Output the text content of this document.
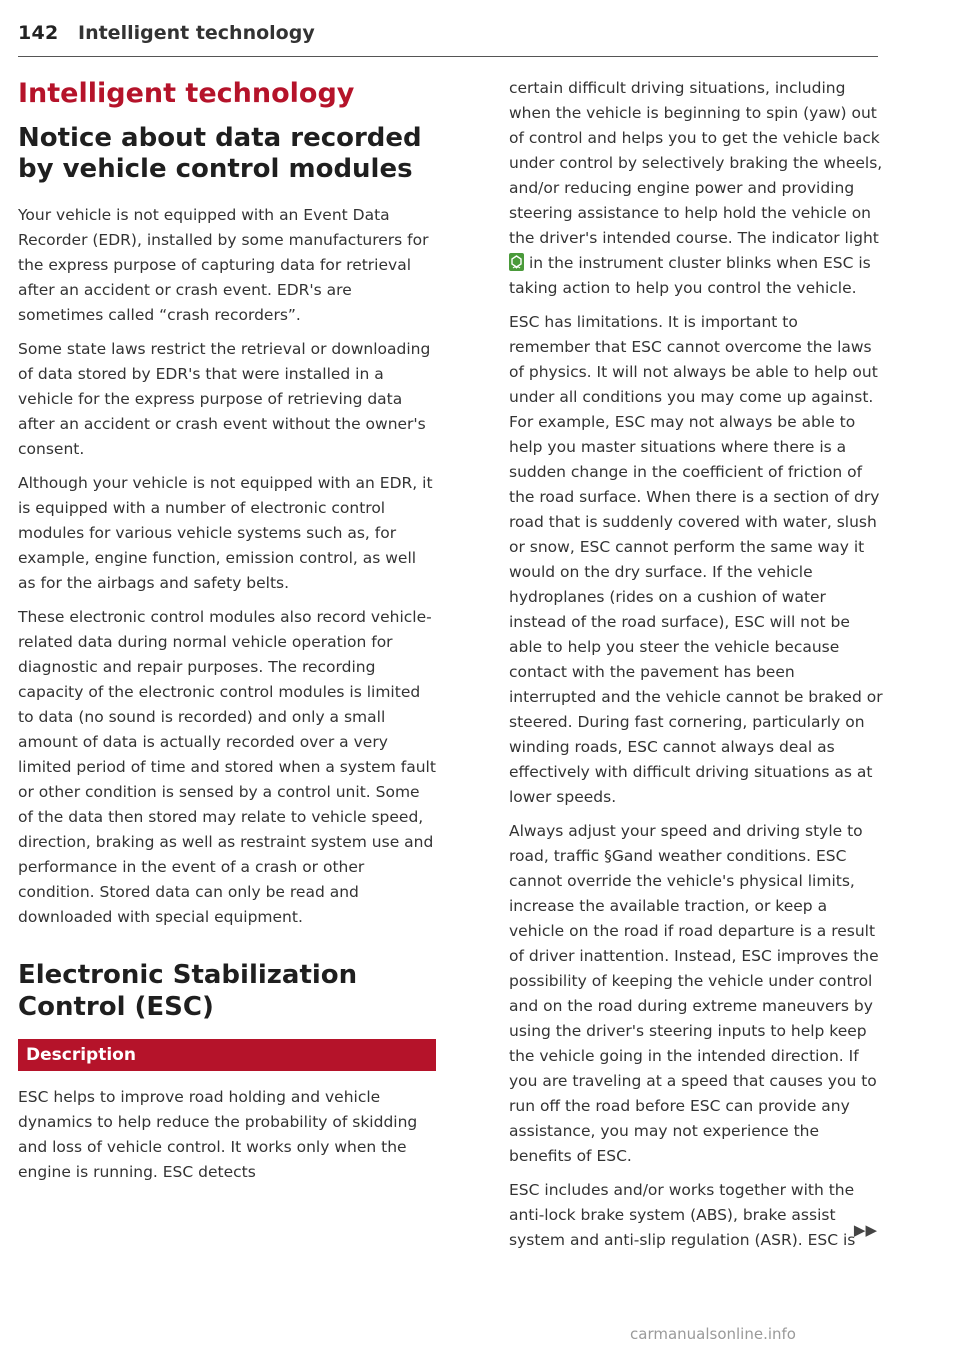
142 Intelligent technology
Intelligent technology
Notice about data recorded by vehicle control modules

Your vehicle is not equipped with an Event Data Recorder (EDR), installed by some manufacturers for the express purpose of capturing data for retrieval after an accident or crash event. EDR's are sometimes called “crash recorders”.

Some state laws restrict the retrieval or downloading of data stored by EDR's that were installed in a vehicle for the express purpose of retrieving data after an accident or crash event without the owner's consent.

Although your vehicle is not equipped with an EDR, it is equipped with a number of electronic control modules for various vehicle systems such as, for example, engine function, emission control, as well as for the airbags and safety belts.

These electronic control modules also record vehicle-related data during normal vehicle operation for diagnostic and repair purposes. The recording capacity of the electronic control modules is limited to data (no sound is recorded) and only a small amount of data is actually recorded over a very limited period of time and stored when a system fault or other condition is sensed by a control unit. Some of the data then stored may relate to vehicle speed, direction, braking as well as restraint system use and performance in the event of a crash or other condition. Stored data can only be read and downloaded with special equipment.

Electronic Stabilization Control (ESC)
Description

ESC helps to improve road holding and vehicle dynamics to help reduce the probability of skidding and loss of vehicle control. It works only when the engine is running. ESC detects

certain difficult driving situations, including when the vehicle is beginning to spin (yaw) out of control and helps you to get the vehicle back under control by selectively braking the wheels, and/or reducing engine power and providing steering assistance to help hold the vehicle on the driver's intended course. The indicator light
in the instrument cluster blinks when ESC is taking action to help you control the vehicle.

ESC has limitations. It is important to remember that ESC cannot overcome the laws of physics. It will not always be able to help out under all conditions you may come up against. For example, ESC may not always be able to help you master situations where there is a sudden change in the coefficient of friction of the road surface. When there is a section of dry road that is suddenly covered with water, slush or snow, ESC cannot perform the same way it would on the dry surface. If the vehicle hydroplanes (rides on a cushion of water instead of the road surface), ESC will not be able to help you steer the vehicle because contact with the pavement has been interrupted and the vehicle cannot be braked or steered. During fast cornering, particularly on winding roads, ESC cannot always deal as effectively with difficult driving situations as at lower speeds.

Always adjust your speed and driving style to road, traffic §Ǥand weather conditions. ESC cannot override the vehicle's physical limits, increase the available traction, or keep a vehicle on the road if road departure is a result of driver inattention. Instead, ESC improves the possibility of keeping the vehicle under control and on the road during extreme maneuvers by using the driver's steering inputs to help keep the vehicle going in the intended direction. If you are traveling at a speed that causes you to run off the road before ESC can provide any assistance, you may not experience the benefits of ESC.

ESC includes and/or works together with the anti-lock brake system (ABS), brake assist system and anti-slip regulation (ASR). ESC is
▶▶

carmanualsonline.info
